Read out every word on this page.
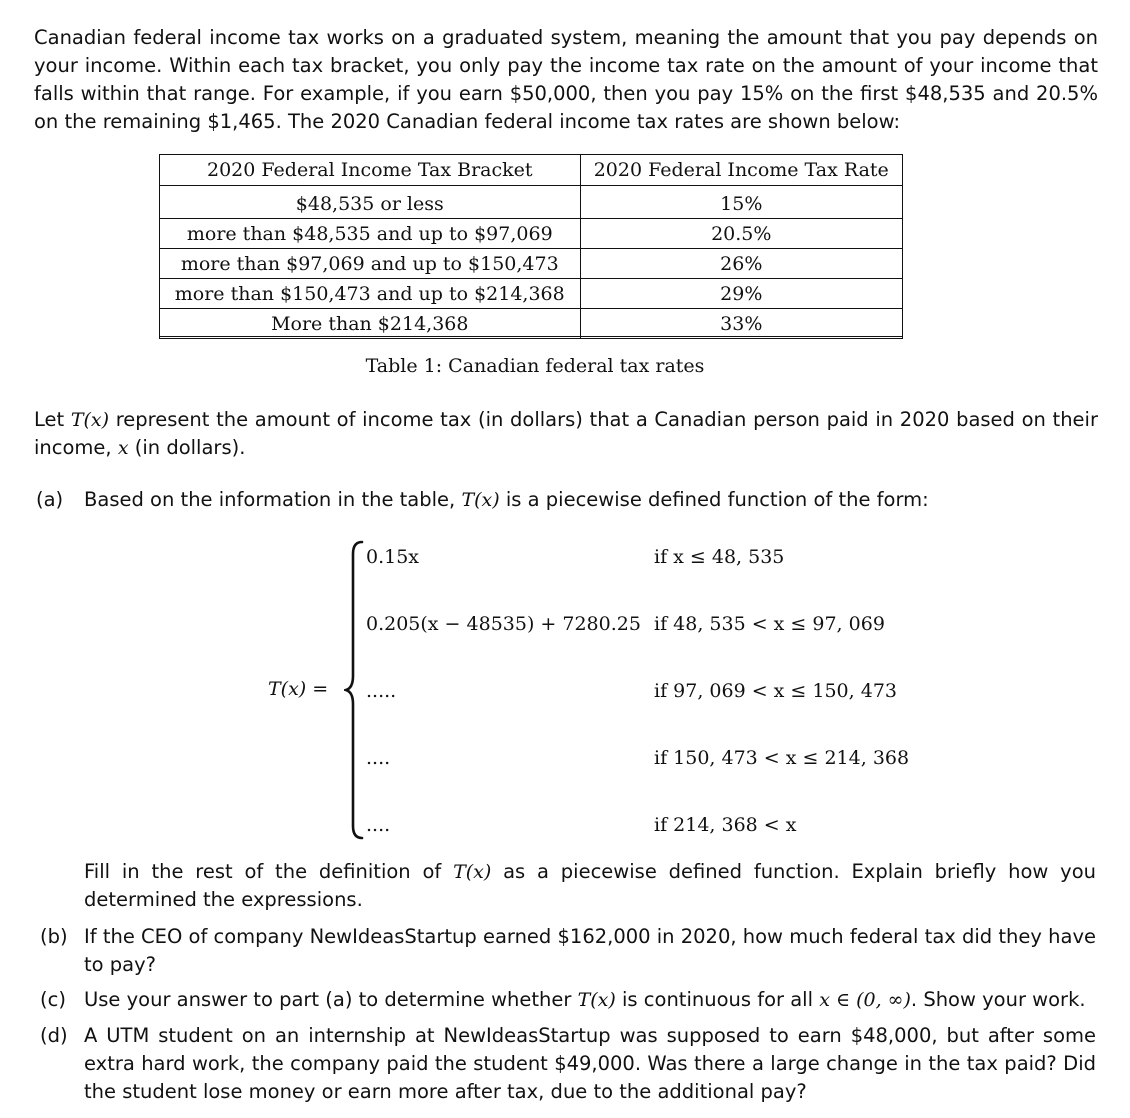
Canadian federal income tax works on a graduated system, meaning the amount that you pay depends on your income. Within each tax bracket, you only pay the income tax rate on the amount of your income that falls within that range. For example, if you earn $50,000, then you pay 15% on the first $48,535 and 20.5% on the remaining $1,465. The 2020 Canadian federal income tax rates are shown below:
2020 Federal Income Tax Bracket	2020 Federal Income Tax Rate
$48,535 or less	15%
more than $48,535 and up to $97,069	20.5%
more than $97,069 and up to $150,473	26%
more than $150,473 and up to $214,368	29%
More than $214,368	33%
Table 1: Canadian federal tax rates
Let T(x) represent the amount of income tax (in dollars) that a Canadian person paid in 2020 based on their income, x (in dollars).
(a) Based on the information in the table, T(x) is a piecewise defined function of the form:
T(x) =
0.15x	if x ≤ 48, 535
0.205(x − 48535) + 7280.25 if 48, 535 < x ≤ 97, 069
.....	if 97, 069 < x ≤ 150, 473
....	if 150, 473 < x ≤ 214, 368
....	if 214, 368 < x
Fill in the rest of the definition of T(x) as a piecewise defined function. Explain briefly how you determined the expressions.
(b) If the CEO of company NewIdeasStartup earned $162,000 in 2020, how much federal tax did they have to pay?
(c) Use your answer to part (a) to determine whether T(x) is continuous for all x ∈ (0, ∞). Show your work.
(d) A UTM student on an internship at NewIdeasStartup was supposed to earn $48,000, but after some extra hard work, the company paid the student $49,000. Was there a large change in the tax paid? Did the student lose money or earn more after tax, due to the additional pay?
